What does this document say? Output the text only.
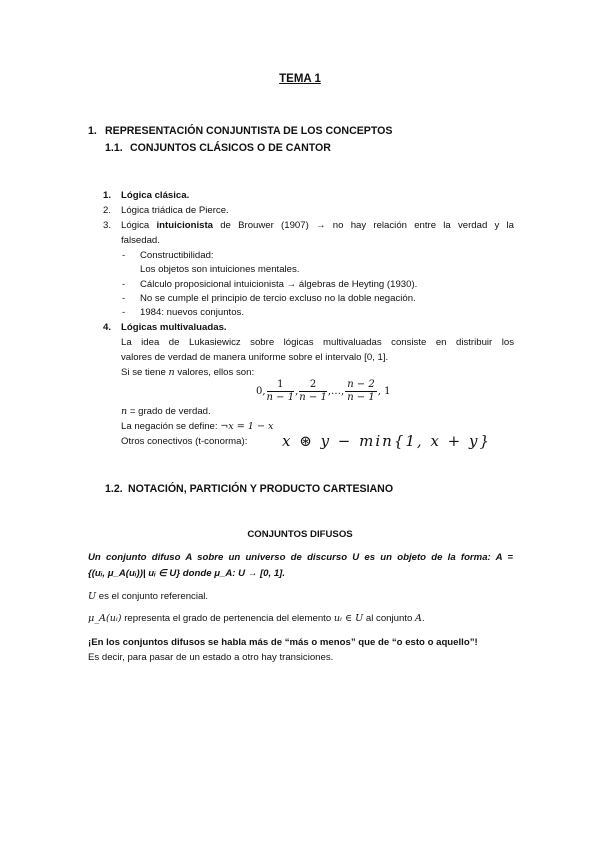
TEMA 1
1. REPRESENTACIÓN CONJUNTISTA DE LOS CONCEPTOS
1.1. CONJUNTOS CLÁSICOS O DE CANTOR
1. Lógica clásica.
2. Lógica triádica de Pierce.
3. Lógica intuicionista de Brouwer (1907) → no hay relación entre la verdad y la
falsedad.
- Constructibilidad:
Los objetos son intuiciones mentales.
- Cálculo proposicional intuicionista → álgebras de Heyting (1930).
- No se cumple el principio de tercio excluso no la doble negación.
- 1984: nuevos conjuntos.
4. Lógicas multivaluadas.
La idea de Lukasiewicz sobre lógicas multivaluadas consiste en distribuir los
valores de verdad de manera uniforme sobre el intervalo [0, 1].
Si se tiene n valores, ellos son:
0, $\frac{1}{n - 1}$ , $\frac{2}{n - 1}$ ,…, $\frac{n - 2}{n - 1}$ , 1
n = grado de verdad.
La negación se define: ¬x = 1 − x
Otros conectivos (t-conorma): x ⊛ y − min{1, x + y}
1.2. NOTACIÓN, PARTICIÓN Y PRODUCTO CARTESIANO
CONJUNTOS DIFUSOS
Un conjunto difuso A sobre un universo de discurso U es un objeto de la forma: A =
{(uᵢ, μ_A(uᵢ))| uᵢ ∈ U} donde μ_A: U → [0, 1].
U es el conjunto referencial.
μ_A(uᵢ) representa el grado de pertenencia del elemento uᵢ ∈ U al conjunto A.
¡En los conjuntos difusos se habla más de “más o menos” que de “o esto o aquello”!
Es decir, para pasar de un estado a otro hay transiciones.
